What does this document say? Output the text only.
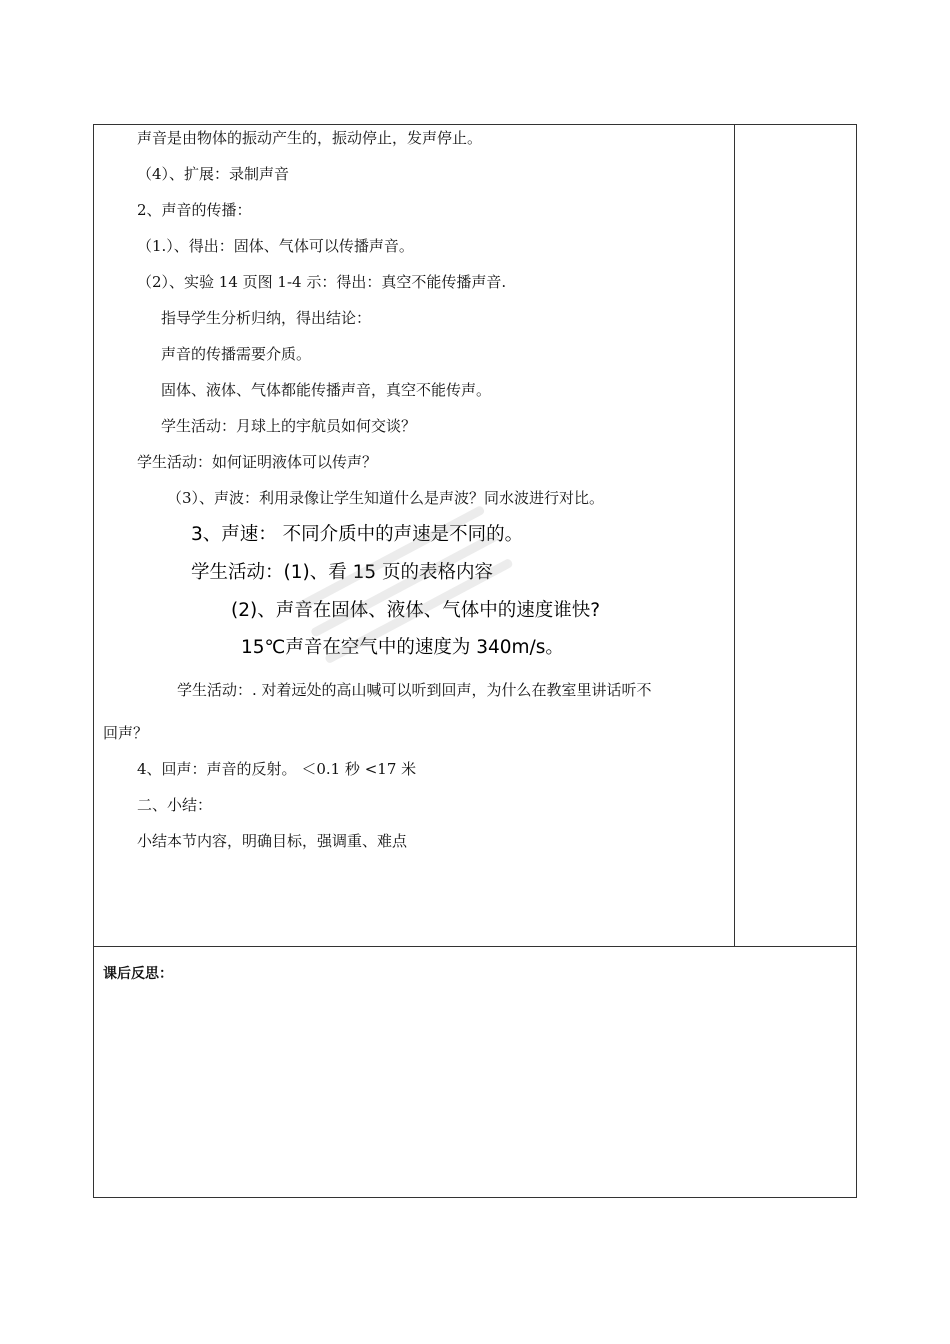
声音是由物体的振动产生的，振动停止，发声停止。
（4）、扩展：录制声音
2、声音的传播：
（1.）、得出：固体、气体可以传播声音。
（2）、实验 14 页图 1-4 示：得出：真空不能传播声音.
指导学生分析归纳，得出结论：
声音的传播需要介质。
固体、液体、气体都能传播声音，真空不能传声。
学生活动：月球上的宇航员如何交谈？
学生活动：如何证明液体可以传声？
（3）、声波：利用录像让学生知道什么是声波？同水波进行对比。
3、声速： 不同介质中的声速是不同的。
学生活动：(1)、看 15 页的表格内容
(2)、声音在固体、液体、气体中的速度谁快?
15℃声音在空气中的速度为 340m/s。
学生活动：. 对着远处的高山喊可以听到回声，为什么在教室里讲话听不
回声？
4、回声：声音的反射。 ＜0.1 秒 <17 米
二、小结：
小结本节内容，明确目标，强调重、难点
课后反思：
